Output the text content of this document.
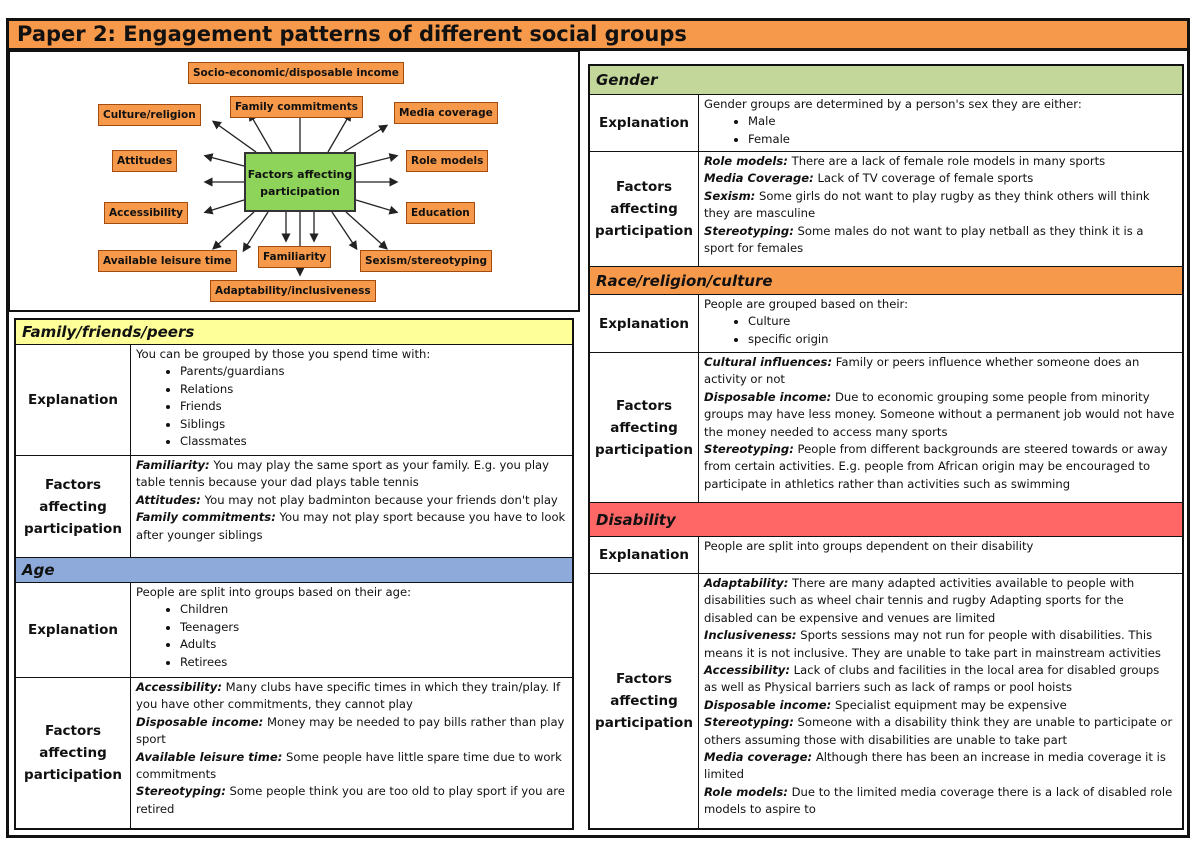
Paper 2: Engagement patterns of different social groups
Socio-economic/disposable income
Family commitments	Media coverage
Culture/religion
Attitudes	Role models
Accessibility	Education
Available leisure time	Familiarity	Sexism/stereotyping
Adaptability/inclusiveness
Factors affecting participation
Family/friends/peers
Explanation
You can be grouped by those you spend time with:
• Parents/guardians
• Relations
• Friends
• Siblings
• Classmates
Factors affecting participation
Familiarity: You may play the same sport as your family. E.g. you play table tennis because your dad plays table tennis
Attitudes: You may not play badminton because your friends don't play
Family commitments: You may not play sport because you have to look after younger siblings
Age
Explanation
People are split into groups based on their age:
• Children
• Teenagers
• Adults
• Retirees
Factors affecting participation
Accessibility: Many clubs have specific times in which they train/play. If you have other commitments, they cannot play
Disposable income: Money may be needed to pay bills rather than play sport
Available leisure time: Some people have little spare time due to work commitments
Stereotyping: Some people think you are too old to play sport if you are retired
Gender
Explanation
Gender groups are determined by a person's sex they are either:
• Male
• Female
Factors affecting participation
Role models: There are a lack of female role models in many sports
Media Coverage: Lack of TV coverage of female sports
Sexism: Some girls do not want to play rugby as they think others will think they are masculine
Stereotyping: Some males do not want to play netball as they think it is a sport for females
Race/religion/culture
Explanation
People are grouped based on their:
• Culture
• specific origin
Factors affecting participation
Cultural influences: Family or peers influence whether someone does an activity or not
Disposable income: Due to economic grouping some people from minority groups may have less money. Someone without a permanent job would not have the money needed to access many sports
Stereotyping: People from different backgrounds are steered towards or away from certain activities. E.g. people from African origin may be encouraged to participate in athletics rather than activities such as swimming
Disability
Explanation
People are split into groups dependent on their disability
Factors affecting participation
Adaptability: There are many adapted activities available to people with disabilities such as wheel chair tennis and rugby Adapting sports for the disabled can be expensive and venues are limited
Inclusiveness: Sports sessions may not run for people with disabilities. This means it is not inclusive. They are unable to take part in mainstream activities
Accessibility: Lack of clubs and facilities in the local area for disabled groups as well as Physical barriers such as lack of ramps or pool hoists
Disposable income: Specialist equipment may be expensive
Stereotyping: Someone with a disability think they are unable to participate or others assuming those with disabilities are unable to take part
Media coverage: Although there has been an increase in media coverage it is limited
Role models: Due to the limited media coverage there is a lack of disabled role models to aspire to
